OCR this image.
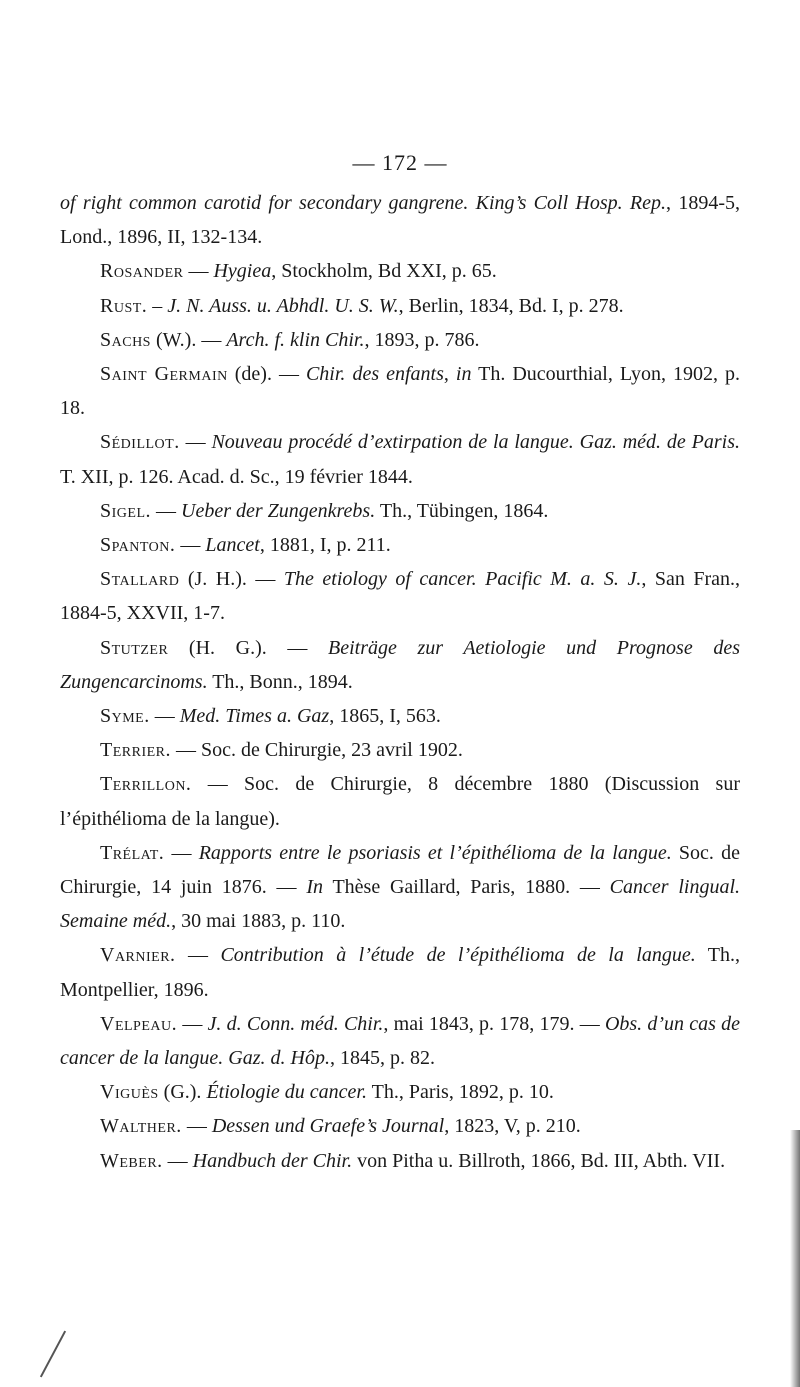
— 172 —

of right common carotid for secondary gangrene. King’s Coll Hosp. Rep., 1894-5, Lond., 1896, II, 132-134.

Rosander — Hygiea, Stockholm, Bd XXI, p. 65.

Rust. – J. N. Auss. u. Abhdl. U. S. W., Berlin, 1834, Bd. I, p. 278.

Sachs (W.). — Arch. f. klin Chir., 1893, p. 786.

Saint Germain (de). — Chir. des enfants, in Th. Ducourthial, Lyon, 1902, p. 18.

Sédillot. — Nouveau procédé d’extirpation de la langue. Gaz. méd. de Paris. T. XII, p. 126. Acad. d. Sc., 19 février 1844.

Sigel. — Ueber der Zungenkrebs. Th., Tübingen, 1864.

Spanton. — Lancet, 1881, I, p. 211.

Stallard (J. H.). — The etiology of cancer. Pacific M. a. S. J., San Fran., 1884-5, XXVII, 1-7.

Stutzer (H. G.). — Beiträge zur Aetiologie und Prognose des Zungencarcinoms. Th., Bonn., 1894.

Syme. — Med. Times a. Gaz, 1865, I, 563.

Terrier. — Soc. de Chirurgie, 23 avril 1902.

Terrillon. — Soc. de Chirurgie, 8 décembre 1880 (Discussion sur l’épithélioma de la langue).

Trélat. — Rapports entre le psoriasis et l’épithélioma de la langue. Soc. de Chirurgie, 14 juin 1876. — In Thèse Gaillard, Paris, 1880. — Cancer lingual. Semaine méd., 30 mai 1883, p. 110.

Varnier. — Contribution à l’étude de l’épithélioma de la langue. Th., Montpellier, 1896.

Velpeau. — J. d. Conn. méd. Chir., mai 1843, p. 178, 179. — Obs. d’un cas de cancer de la langue. Gaz. d. Hôp., 1845, p. 82.

Viguès (G.). Étiologie du cancer. Th., Paris, 1892, p. 10.

Walther. — Dessen und Graefe’s Journal, 1823, V, p. 210.

Weber. — Handbuch der Chir. von Pitha u. Billroth, 1866, Bd. III, Abth. VII.
